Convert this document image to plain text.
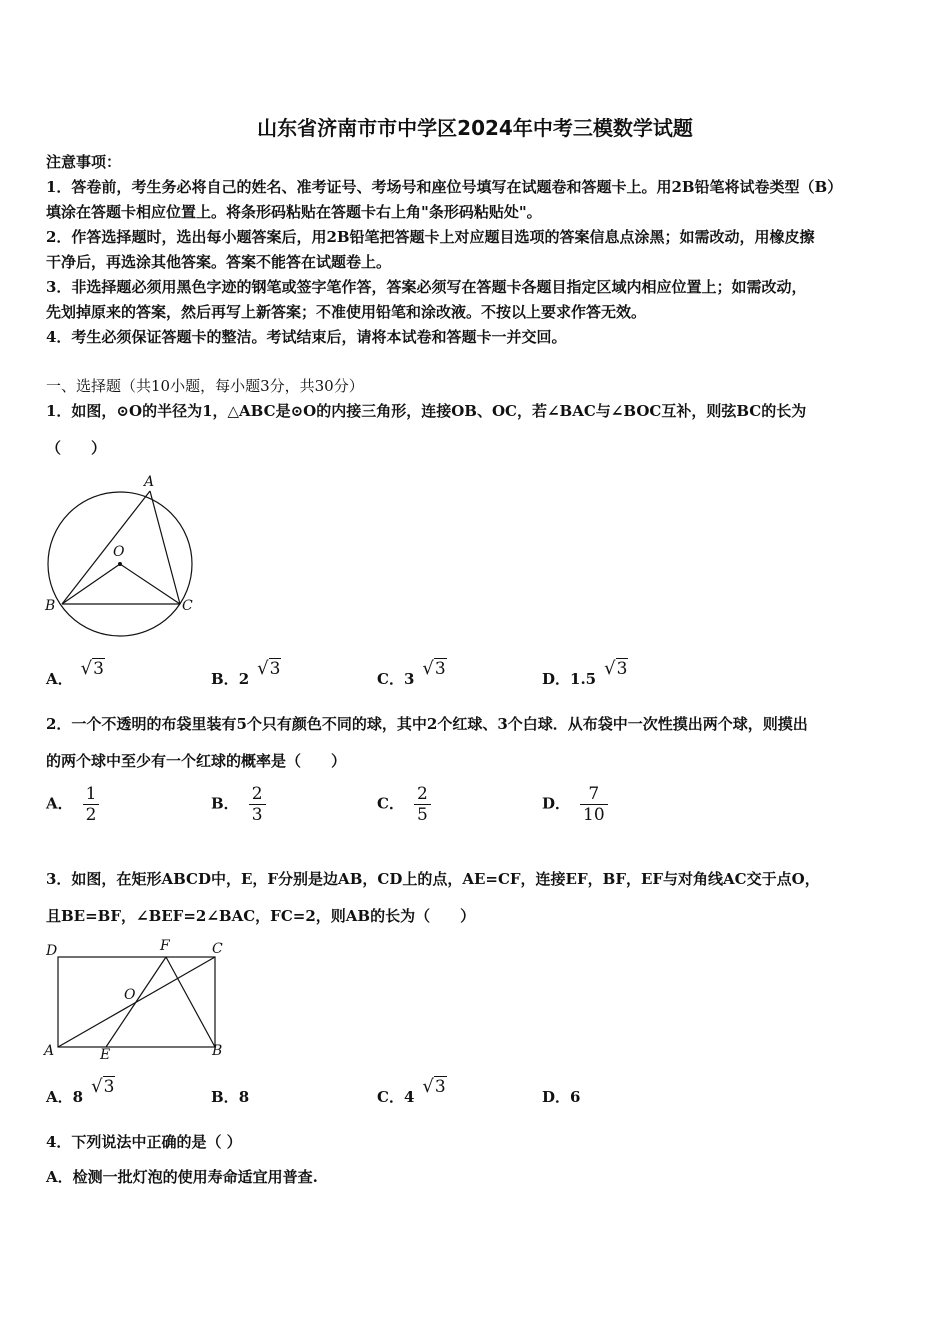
山东省济南市市中学区2024年中考三模数学试题
注意事项：
1．答卷前，考生务必将自己的姓名、准考证号、考场号和座位号填写在试题卷和答题卡上。用2B铅笔将试卷类型（B）
填涂在答题卡相应位置上。将条形码粘贴在答题卡右上角"条形码粘贴处"。
2．作答选择题时，选出每小题答案后，用2B铅笔把答题卡上对应题目选项的答案信息点涂黑；如需改动，用橡皮擦
干净后，再选涂其他答案。答案不能答在试题卷上。
3．非选择题必须用黑色字迹的钢笔或签字笔作答，答案必须写在答题卡各题目指定区域内相应位置上；如需改动，
先划掉原来的答案，然后再写上新答案；不准使用铅笔和涂改液。不按以上要求作答无效。
4．考生必须保证答题卡的整洁。考试结束后，请将本试卷和答题卡一并交回。
一、选择题（共10小题，每小题3分，共30分）
1．如图，⊙O的半径为1，△ABC是⊙O的内接三角形，连接OB、OC，若∠BAC与∠BOC互补，则弦BC的长为
（　　）
A
O
B	C
A． √3	B．2 √3	C．3 √3	D．1.5 √3
2．一个不透明的布袋里装有5个只有颜色不同的球，其中2个红球、3个白球．从布袋中一次性摸出两个球，则摸出
的两个球中至少有一个红球的概率是（　　）
A． $\frac{1}{2}$	B． $\frac{2}{3}$	C． $\frac{2}{5}$	D． $\frac{7}{10}$
3．如图，在矩形ABCD中，E，F分别是边AB，CD上的点，AE=CF，连接EF，BF，EF与对角线AC交于点O，
且BE=BF，∠BEF=2∠BAC，FC=2，则AB的长为（　　）
D	F	C
O
A	E	B
A．8 √3	B．8	C．4 √3	D．6
4．下列说法中正确的是（ ）
A．检测一批灯泡的使用寿命适宜用普查.
